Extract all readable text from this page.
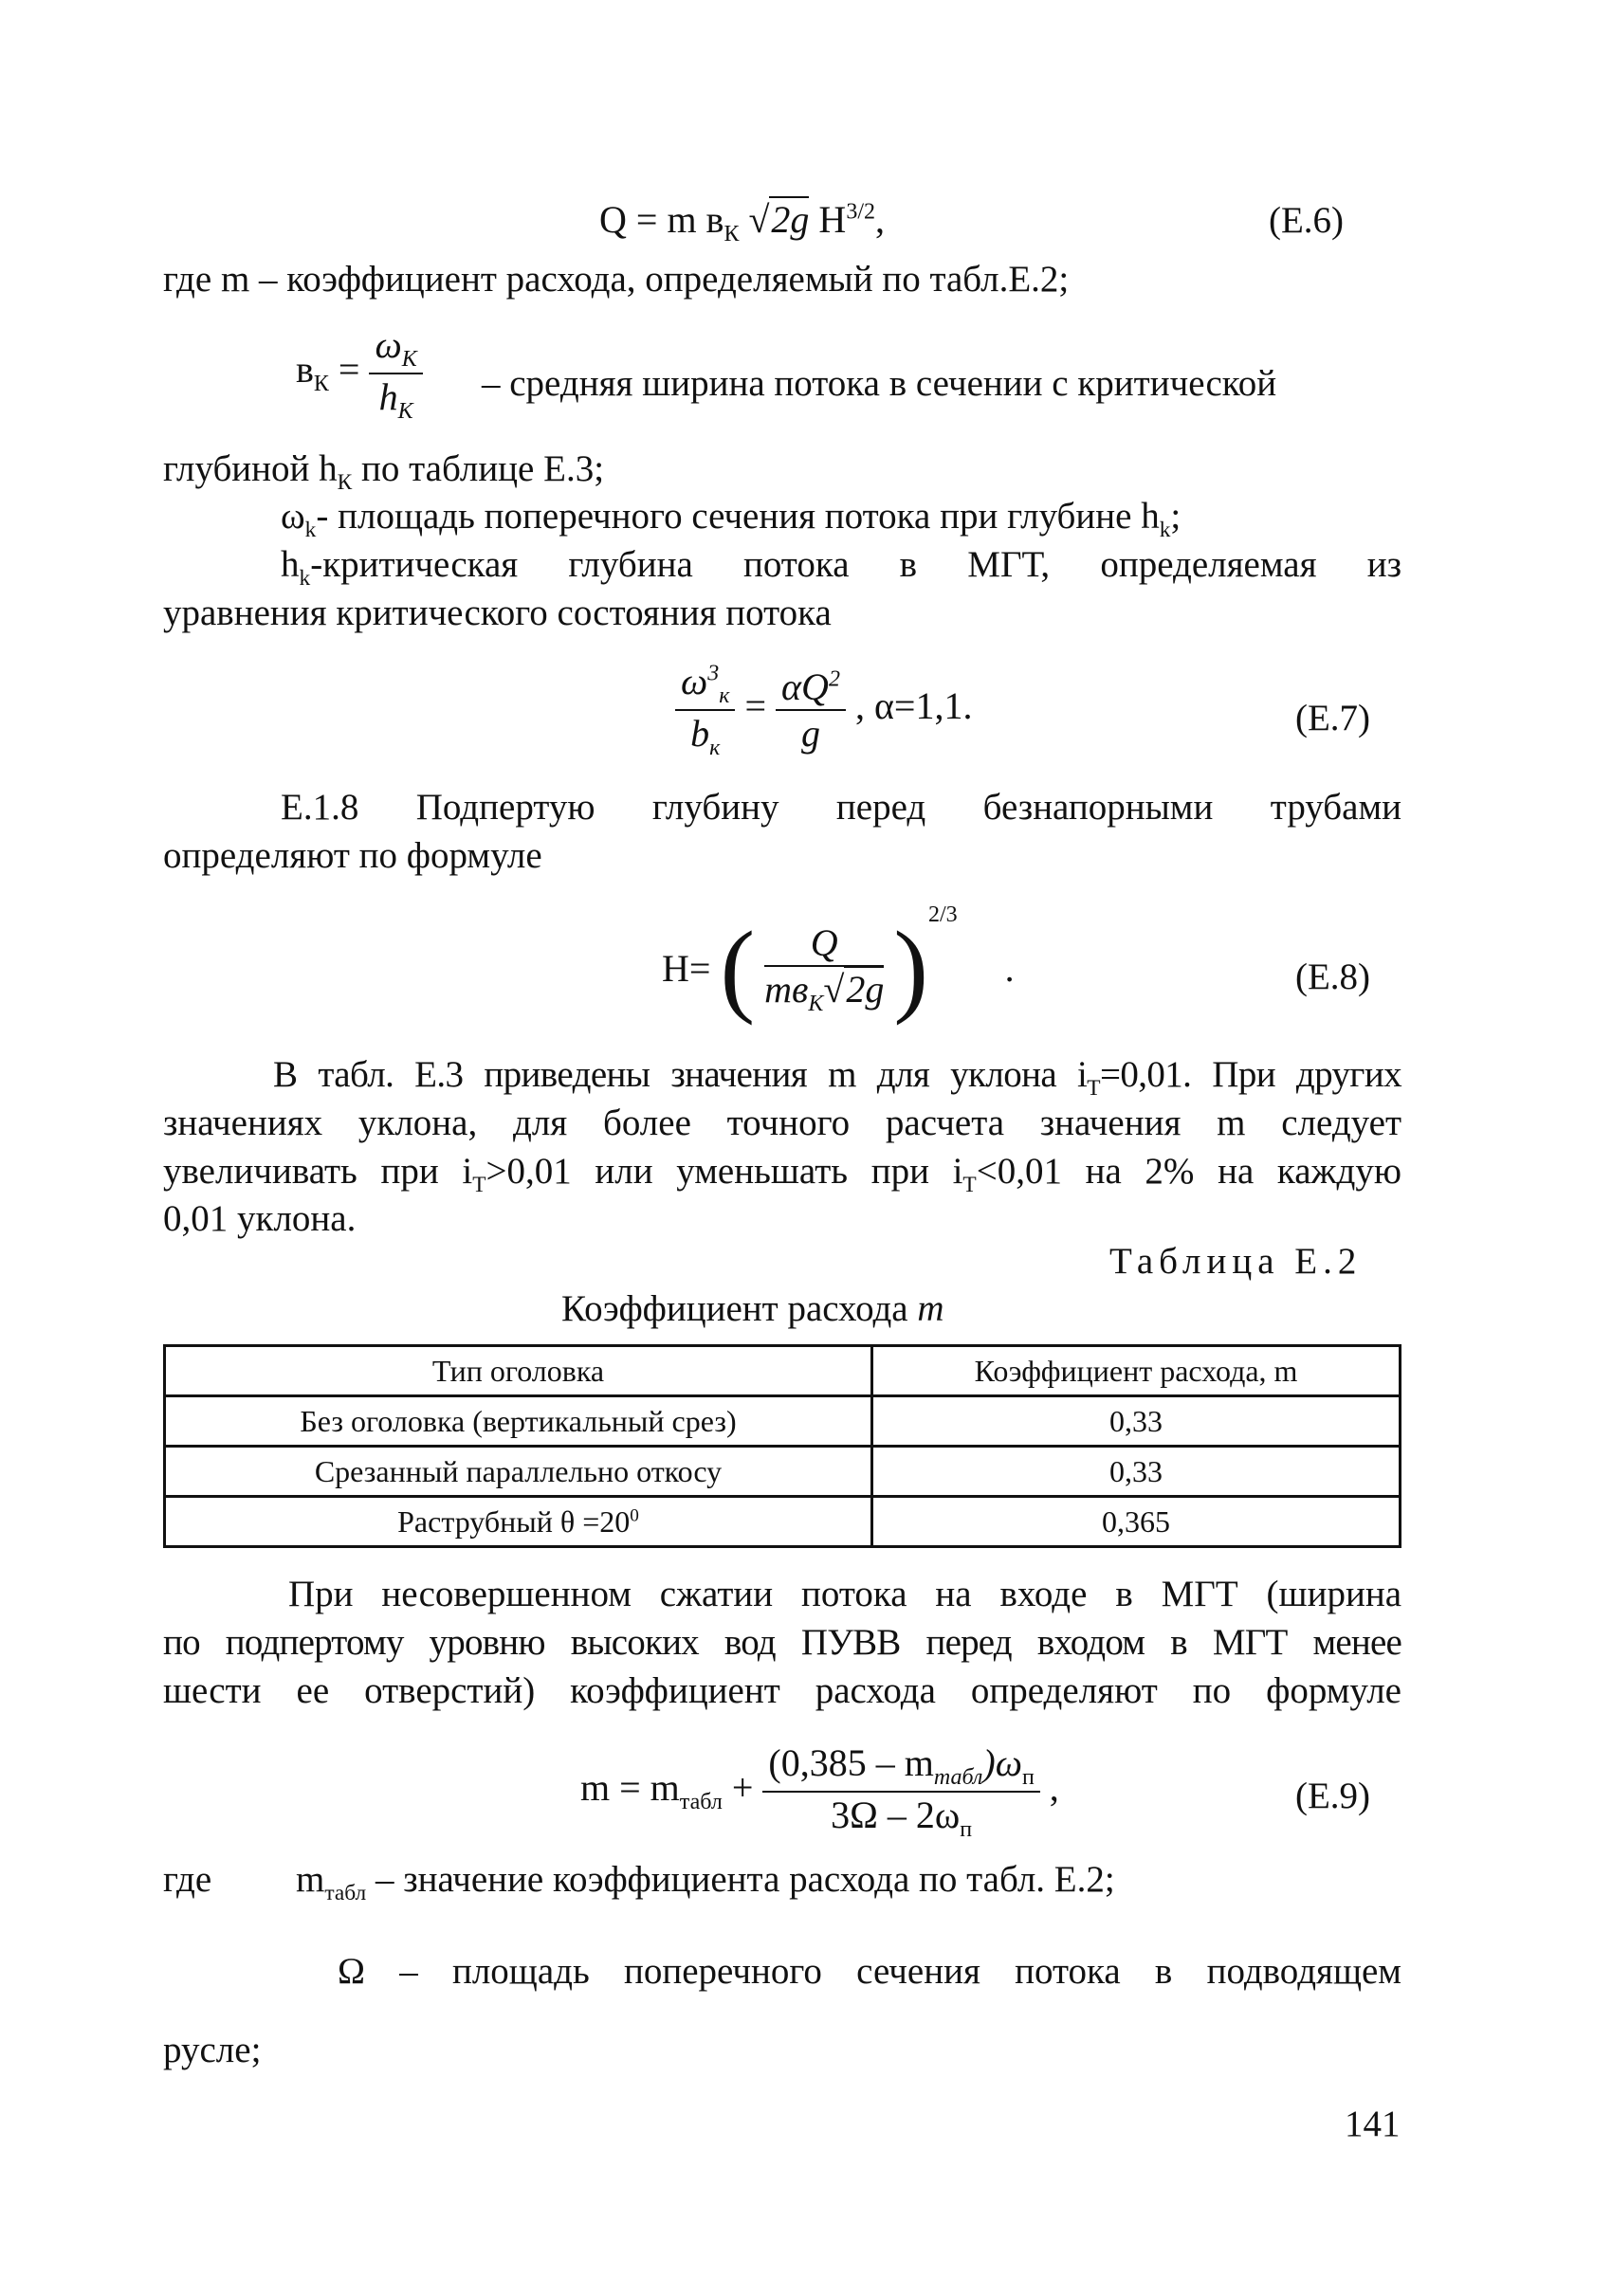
Q = m $в_К$ √2g $H^{3/2}$,	(E.6)
где m – коэффициент расхода, определяемый по табл.Е.2;
$в_К = \frac{\omega_К}{h_К}$ – средняя ширина потока в сечении с критической
глубиной $h_К$ по таблице Е.3;
$\omega_k-$ площадь поперечного сечения потока при глубине $h_k$;
$h_k$-критическая глубина потока в МГТ, определяемая из
уравнения критического состояния потока
$\frac{\omega^3_к}{b_к} = \frac{\alpha Q^2}{g}$ , α=1,1.	(E.7)
Е.1.8 Подпертую глубину перед безнапорными трубами
определяют по формуле
H= ( $\frac{Q}{mв_K√2g} )^{2/3}$ .	(E.8)
В табл. Е.3 приведены значения m для уклона $i_Т=0,01$. При других
значениях уклона, для более точного расчета значения m следует
увеличивать при $i_Т>0,01$ или уменьшать при $i_Т<0,01$ на 2% на каждую
0,01 уклона.
Таблица Е.2
Коэффициент расхода m
Тип оголовка	Коэффициент расхода, m
Без оголовка (вертикальный срез)	0,33
Срезанный параллельно откосу	0,33
Раструбный $\theta =20^0$	0,365
При несовершенном сжатии потока на входе в МГТ (ширина
по подпертому уровню высоких вод ПУВВ перед входом в МГТ менее
шести ее отверстий) коэффициент расхода определяют по формуле
$m = m_{табл} + \frac{(0,385 - m_{табл})\omega_п}{3\Omega - 2\omega_п}$ ,	(E.9)
где $m_{табл}$ – значение коэффициента расхода по табл. Е.2;
Ω – площадь поперечного сечения потока в подводящем
русле;
141
